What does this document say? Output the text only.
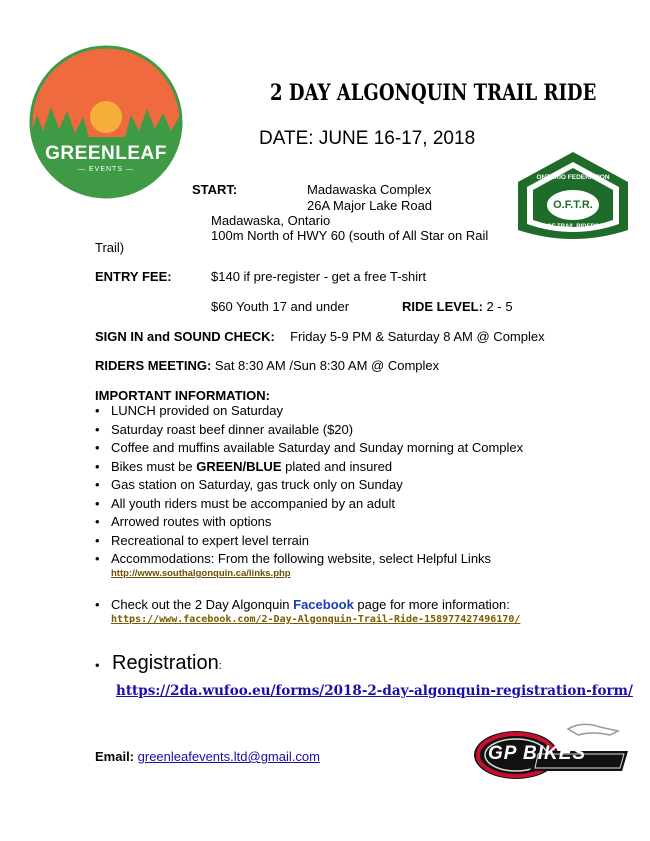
GREENLEAF
— EVENTS —
2 DAY ALGONQUIN TRAIL RIDE
DATE: JUNE 16-17, 2018
ONTARIO FEDERATION
O.F.T.R.
OF TRAIL RIDERS
START:	Madawaska Complex
26A Major Lake Road
Madawaska, Ontario
100m North of HWY 60 (south of All Star on Rail
Trail)
ENTRY FEE:	$140 if pre-register - get a free T-shirt
$60 Youth 17 and under	RIDE LEVEL: 2 - 5
SIGN IN and SOUND CHECK: Friday 5-9 PM & Saturday 8 AM @ Complex
RIDERS MEETING: Sat 8:30 AM /Sun 8:30 AM @ Complex
IMPORTANT INFORMATION:
• LUNCH provided on Saturday
• Saturday roast beef dinner available ($20)
• Coffee and muffins available Saturday and Sunday morning at Complex
• Bikes must be GREEN/BLUE plated and insured
• Gas station on Saturday, gas truck only on Sunday
• All youth riders must be accompanied by an adult
• Arrowed routes with options
• Recreational to expert level terrain
• Accommodations: From the following website, select Helpful Links
http://www.southalgonquin.ca/links.php
• Check out the 2 Day Algonquin Facebook page for more information:
https://www.facebook.com/2-Day-Algonquin-Trail-Ride-158977427496170/
• Registration:
https://2da.wufoo.eu/forms/2018-2-day-algonquin-registration-form/
Email: greenleafevents.ltd@gmail.com	GP BIKES
